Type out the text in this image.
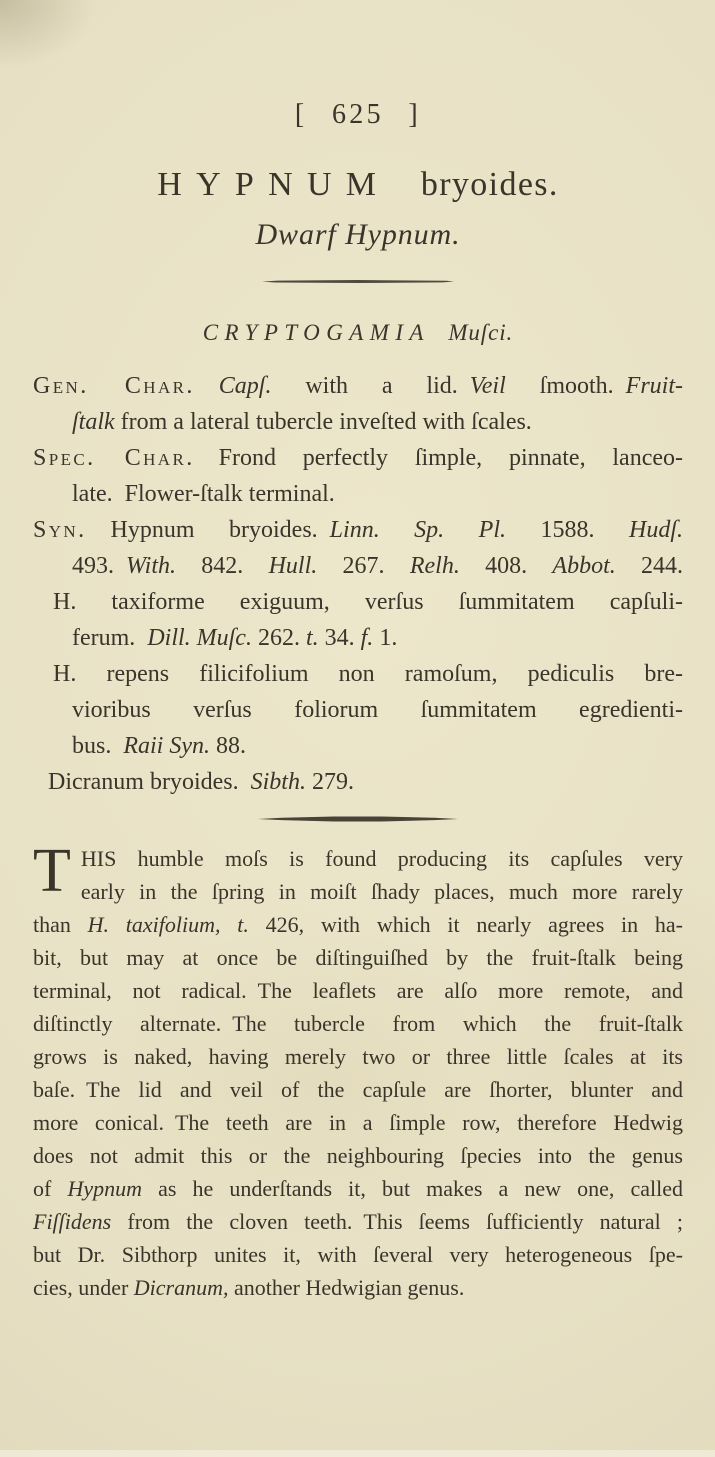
[ 625 ]
HYPNUM bryoides.
Dwarf Hypnum.
CRYPTOGAMIA Muſci.
Gen. Char.  Capſ. with a lid. Veil ſmooth. Fruit-
ſtalk from a lateral tubercle inveſted with ſcales.
Spec. Char. Frond perfectly ſimple, pinnate, lanceo-
late. Flower-ſtalk terminal.
Syn. Hypnum bryoides. Linn. Sp. Pl. 1588. Hudſ.
493. With. 842. Hull. 267. Relh. 408. Abbot. 244.
H. taxiforme exiguum, verſus ſummitatem capſuli-
ferum. Dill. Muſc. 262. t. 34. f. 1.
H. repens filicifolium non ramoſum, pediculis bre-
vioribus verſus foliorum ſummitatem egredienti-
bus. Raii Syn. 88.
Dicranum bryoides. Sibth. 279.
T HIS humble moſs is found producing its capſules very
early in the ſpring in moiſt ſhady places, much more rarely
than H. taxifolium, t. 426, with which it nearly agrees in ha-
bit, but may at once be diſtinguiſhed by the fruit-ſtalk being
terminal, not radical. The leaflets are alſo more remote, and
diſtinctly alternate. The tubercle from which the fruit-ſtalk
grows is naked, having merely two or three little ſcales at its
baſe. The lid and veil of the capſule are ſhorter, blunter and
more conical. The teeth are in a ſimple row, therefore Hedwig
does not admit this or the neighbouring ſpecies into the genus
of Hypnum as he underſtands it, but makes a new one, called
Fiſſidens from the cloven teeth. This ſeems ſufficiently natural ;
but Dr. Sibthorp unites it, with ſeveral very heterogeneous ſpe-
cies, under Dicranum, another Hedwigian genus.
